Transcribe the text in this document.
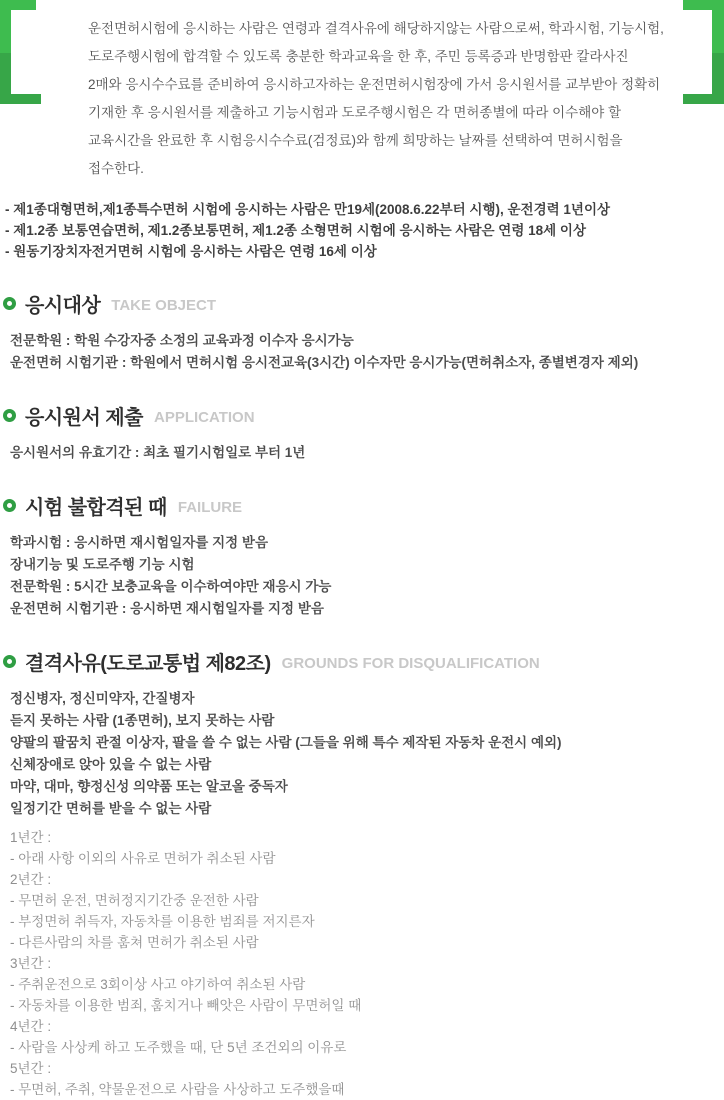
운전면허시험에 응시하는 사람은 연령과 결격사유에 해당하지않는 사람으로써, 학과시험, 기능시험, 도로주행시험에 합격할 수 있도록 충분한 학과교육을 한 후, 주민 등록증과 반명함판 칼라사진 2매와 응시수수료를 준비하여 응시하고자하는 운전면허시험장에 가서 응시원서를 교부받아 정확히 기재한 후 응시원서를 제출하고 기능시험과 도로주행시험은 각 면허종별에 따라 이수해야 할 교육시간을 완료한 후 시험응시수수료(검정료)와 함께 희망하는 날짜를 선택하여 면허시험을 접수한다.

- 제1종대형면허,제1종특수면허 시험에 응시하는 사람은 만19세(2008.6.22부터 시행), 운전경력 1년이상
- 제1.2종 보통연습면허, 제1.2종보통면허, 제1.2종 소형면허 시험에 응시하는 사람은 연령 18세 이상
- 원동기장치자전거면허 시험에 응시하는 사람은 연령 16세 이상
응시대상 TAKE OBJECT
전문학원 : 학원 수강자중 소정의 교육과정 이수자 응시가능
운전면허 시험기관 : 학원에서 면허시험 응시전교육(3시간) 이수자만 응시가능(면허취소자, 종별변경자 제외)
응시원서 제출 APPLICATION
응시원서의 유효기간 : 최초 필기시험일로 부터 1년
시험 불합격된 때 FAILURE
학과시험 : 응시하면 재시험일자를 지정 받음
장내기능 및 도로주행 기능 시험
전문학원 : 5시간 보충교육을 이수하여야만 재응시 가능
운전면허 시험기관 : 응시하면 재시험일자를 지정 받음
결격사유(도로교통법 제82조) GROUNDS FOR DISQUALIFICATION
정신병자, 정신미약자, 간질병자
듣지 못하는 사람 (1종면허), 보지 못하는 사람
양팔의 팔꿈치 관절 이상자, 팔을 쓸 수 없는 사람 (그들을 위해 특수 제작된 자동차 운전시 예외)
신체장애로 앉아 있을 수 없는 사람
마약, 대마, 향정신성 의약품 또는 알코올 중독자
일정기간 면허를 받을 수 없는 사람

1년간 :

- 아래 사항 이외의 사유로 면허가 취소된 사람

2년간 :

- 무면허 운전, 면허정지기간중 운전한 사람

- 부정면허 취득자, 자동차를 이용한 범죄를 저지른자

- 다른사람의 차를 훔쳐 면허가 취소된 사람

3년간 :

- 주취운전으로 3회이상 사고 야기하여 취소된 사람

- 자동차를 이용한 범죄, 훔치거나 빼앗은 사람이 무면허일 때

4년간 :

- 사람을 사상케 하고 도주했을 때, 단 5년 조건외의 이유로

5년간 :

- 무면허, 주취, 약물운전으로 사람을 사상하고 도주했을때
